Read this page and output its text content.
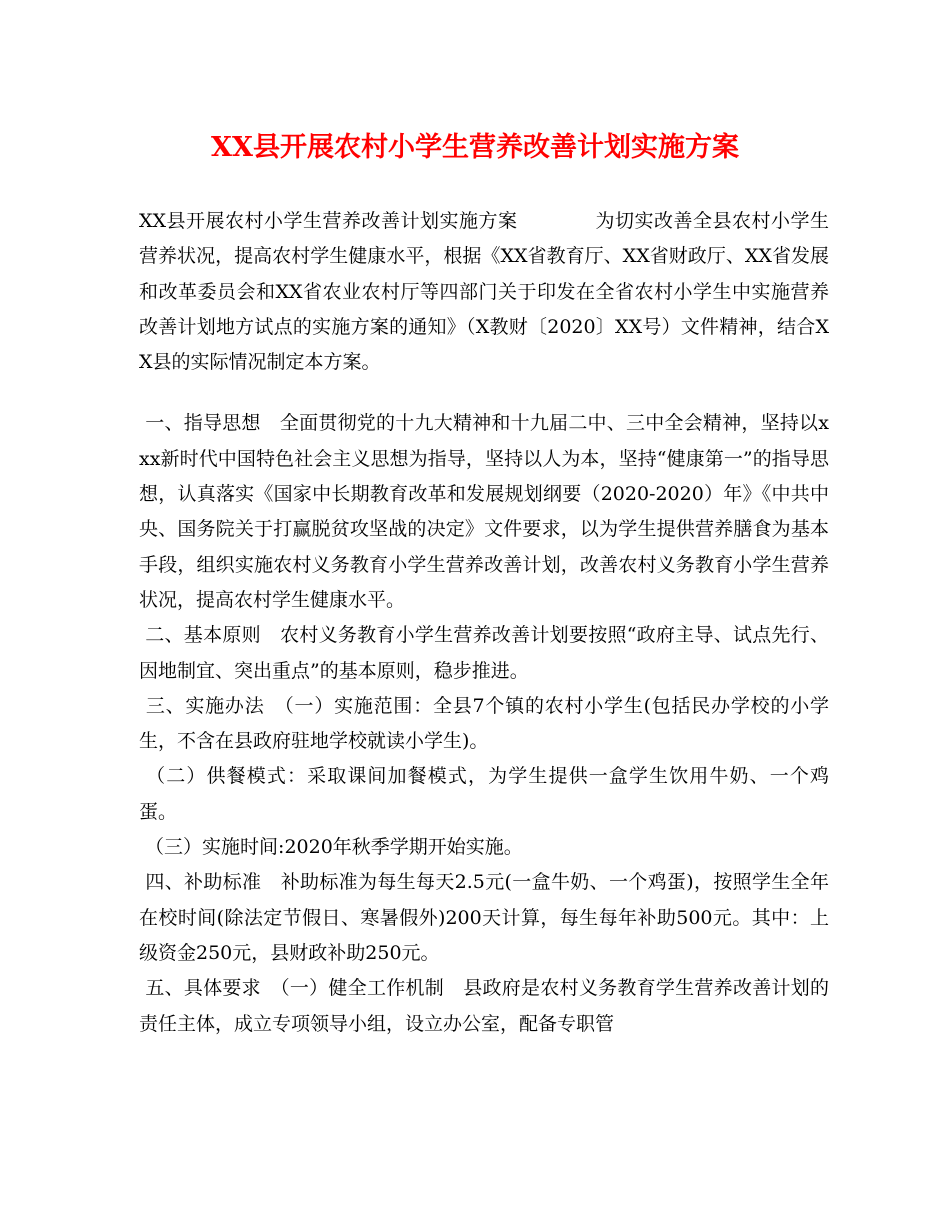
XX县开展农村小学生营养改善计划实施方案

XX县开展农村小学生营养改善计划实施方案　　　　为切实改善全县农村小学生营养状况，提高农村学生健康水平，根据《XX省教育厅、XX省财政厅、XX省发展和改革委员会和XX省农业农村厅等四部门关于印发在全省农村小学生中实施营养改善计划地方试点的实施方案的通知》（X教财〔2020〕XX号）文件精神，结合XX县的实际情况制定本方案。

一、指导思想　全面贯彻党的十九大精神和十九届二中、三中全会精神，坚持以xxx新时代中国特色社会主义思想为指导，坚持以人为本，坚持“健康第一”的指导思想，认真落实《国家中长期教育改革和发展规划纲要（2020-2020）年》《中共中央、国务院关于打赢脱贫攻坚战的决定》文件要求，以为学生提供营养膳食为基本手段，组织实施农村义务教育小学生营养改善计划，改善农村义务教育小学生营养状况，提高农村学生健康水平。

二、基本原则　农村义务教育小学生营养改善计划要按照“政府主导、试点先行、因地制宜、突出重点”的基本原则，稳步推进。

三、实施办法　（一）实施范围：全县7个镇的农村小学生(包括民办学校的小学生，不含在县政府驻地学校就读小学生)。

（二）供餐模式：采取课间加餐模式，为学生提供一盒学生饮用牛奶、一个鸡蛋。

（三）实施时间:2020年秋季学期开始实施。

四、补助标准　补助标准为每生每天2.5元(一盒牛奶、一个鸡蛋)，按照学生全年在校时间(除法定节假日、寒暑假外)200天计算，每生每年补助500元。其中：上级资金250元，县财政补助250元。

五、具体要求　（一）健全工作机制　县政府是农村义务教育学生营养改善计划的责任主体，成立专项领导小组，设立办公室，配备专职管
